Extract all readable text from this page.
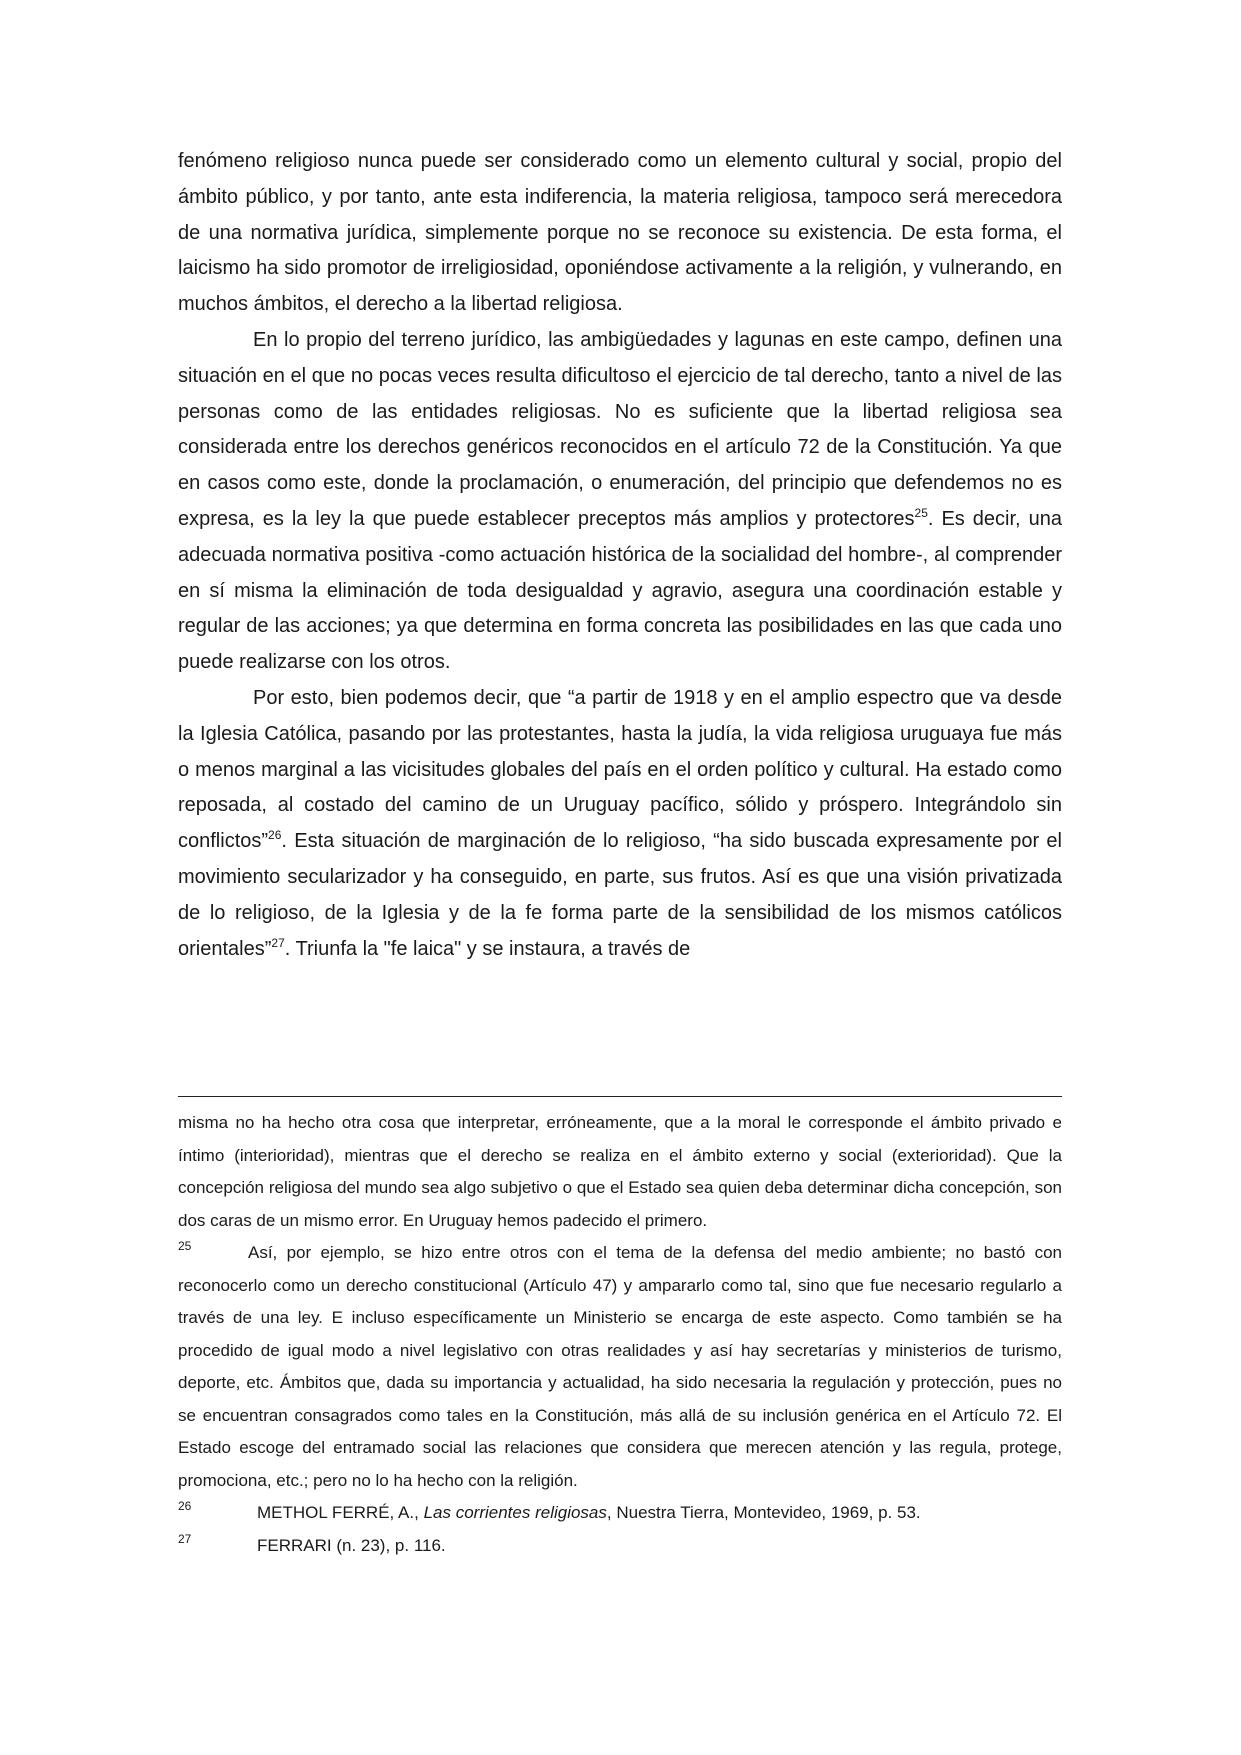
fenómeno religioso nunca puede ser considerado como un elemento cultural y social, propio del ámbito público, y por tanto, ante esta indiferencia, la materia religiosa, tampoco será merecedora de una normativa jurídica, simplemente porque no se reconoce su existencia. De esta forma, el laicismo ha sido promotor de irreligiosidad, oponiéndose activamente a la religión, y vulnerando, en muchos ámbitos, el derecho a la libertad religiosa.

En lo propio del terreno jurídico, las ambigüedades y lagunas en este campo, definen una situación en el que no pocas veces resulta dificultoso el ejercicio de tal derecho, tanto a nivel de las personas como de las entidades religiosas. No es suficiente que la libertad religiosa sea considerada entre los derechos genéricos reconocidos en el artículo 72 de la Constitución. Ya que en casos como este, donde la proclamación, o enumeración, del principio que defendemos no es expresa, es la ley la que puede establecer preceptos más amplios y protectores$^{25}$. Es decir, una adecuada normativa positiva -como actuación histórica de la socialidad del hombre-, al comprender en sí misma la eliminación de toda desigualdad y agravio, asegura una coordinación estable y regular de las acciones; ya que determina en forma concreta las posibilidades en las que cada uno puede realizarse con los otros.

Por esto, bien podemos decir, que “a partir de 1918 y en el amplio espectro que va desde la Iglesia Católica, pasando por las protestantes, hasta la judía, la vida religiosa uruguaya fue más o menos marginal a las vicisitudes globales del país en el orden político y cultural. Ha estado como reposada, al costado del camino de un Uruguay pacífico, sólido y próspero. Integrándolo sin conflictos”$^{26}$. Esta situación de marginación de lo religioso, “ha sido buscada expresamente por el movimiento secularizador y ha conseguido, en parte, sus frutos. Así es que una visión privatizada de lo religioso, de la Iglesia y de la fe forma parte de la sensibilidad de los mismos católicos orientales”$^{27}$. Triunfa la "fe laica" y se instaura, a través de

misma no ha hecho otra cosa que interpretar, erróneamente, que a la moral le corresponde el ámbito privado e íntimo (interioridad), mientras que el derecho se realiza en el ámbito externo y social (exterioridad). Que la concepción religiosa del mundo sea algo subjetivo o que el Estado sea quien deba determinar dicha concepción, son dos caras de un mismo error. En Uruguay hemos padecido el primero.

25	Así, por ejemplo, se hizo entre otros con el tema de la defensa del medio ambiente; no bastó con reconocerlo como un derecho constitucional (Artículo 47) y ampararlo como tal, sino que fue necesario regularlo a través de una ley. E incluso específicamente un Ministerio se encarga de este aspecto. Como también se ha procedido de igual modo a nivel legislativo con otras realidades y así hay secretarías y ministerios de turismo, deporte, etc. Ámbitos que, dada su importancia y actualidad, ha sido necesaria la regulación y protección, pues no se encuentran consagrados como tales en la Constitución, más allá de su inclusión genérica en el Artículo 72. El Estado escoge del entramado social las relaciones que considera que merecen atención y las regula, protege, promociona, etc.; pero no lo ha hecho con la religión.

26	METHOL FERRÉ, A., Las corrientes religiosas, Nuestra Tierra, Montevideo, 1969, p. 53.

27	FERRARI (n. 23), p. 116.
